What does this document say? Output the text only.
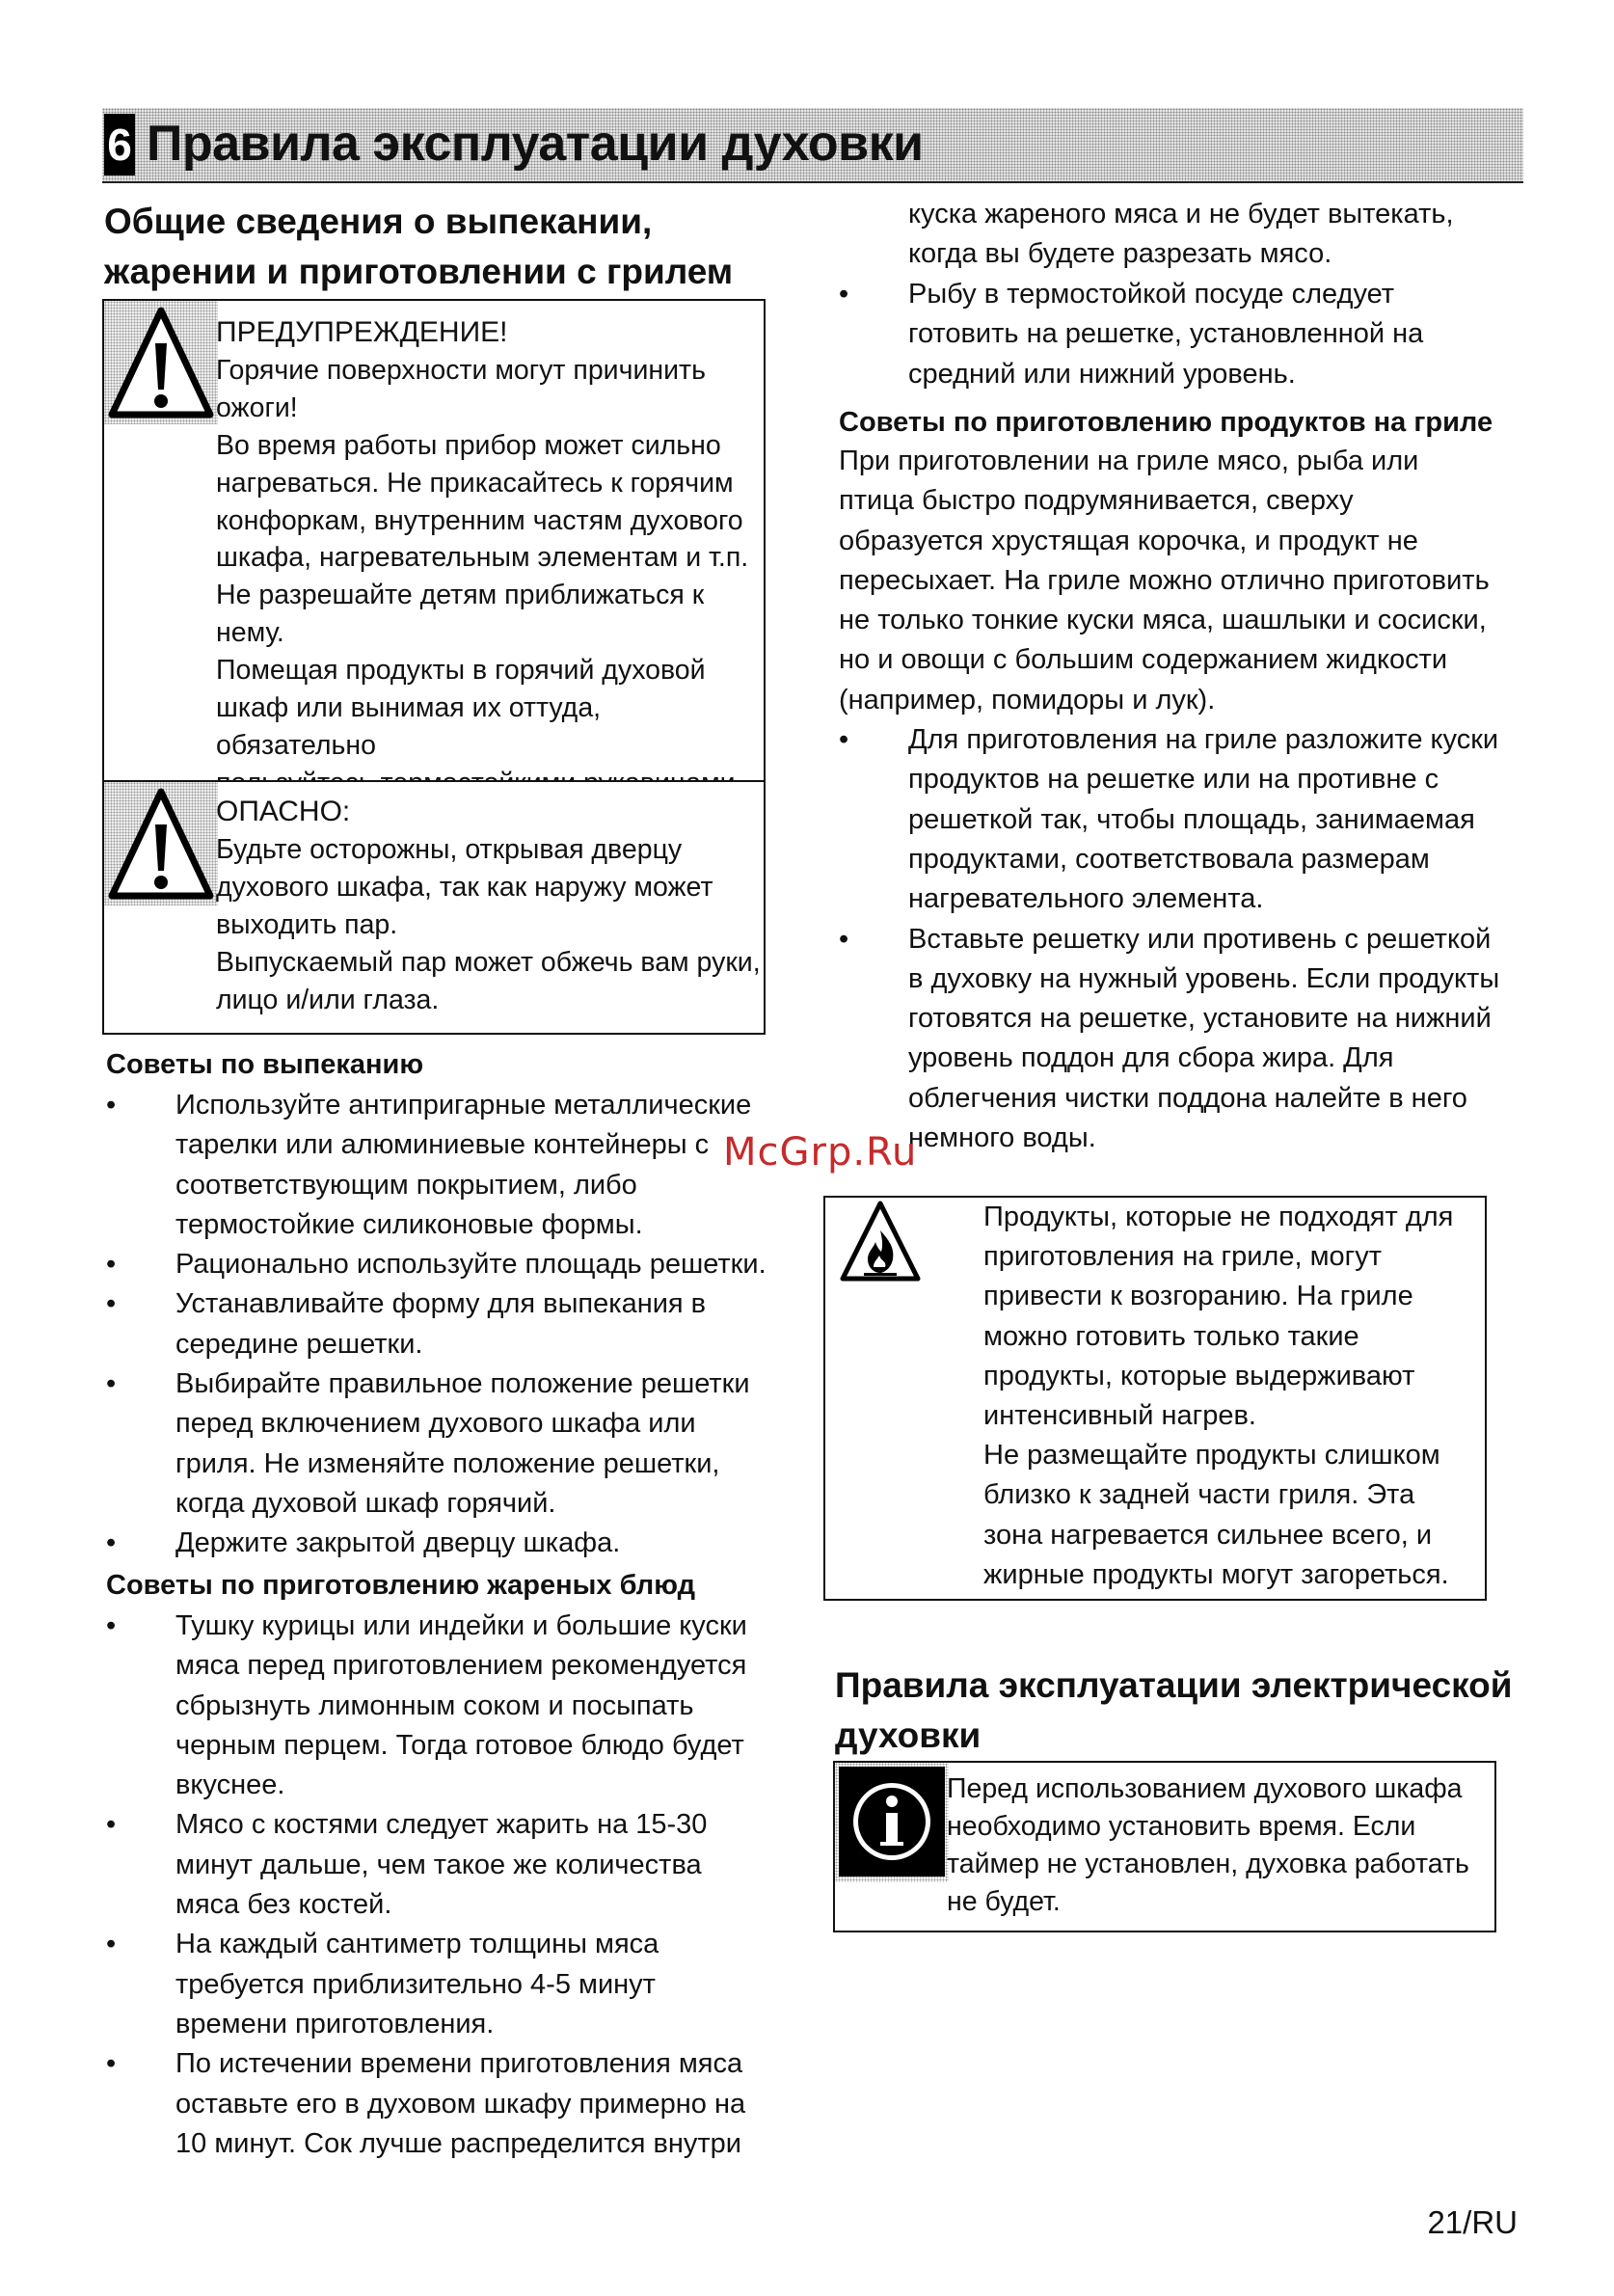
6 Правила эксплуатации духовки
Общие сведения о выпекании,
жарении и приготовлении с грилем
ПРЕДУПРЕЖДЕНИЕ!
Горячие поверхности могут причинить
ожоги!
Во время работы прибор может сильно
нагреваться. Не прикасайтесь к горячим
конфоркам, внутренним частям духового
шкафа, нагревательным элементам и т.п.
Не разрешайте детям приближаться к
нему.
Помещая продукты в горячий духовой
шкаф или вынимая их оттуда, обязательно
ОПАСНО:
Будьте осторожны, открывая дверцу
духового шкафа, так как наружу может
выходить пар.
Выпускаемый пар может обжечь вам руки,
лицо и/или глаза.
Советы по выпеканию
• Используйте антипригарные металлические
тарелки или алюминиевые контейнеры с
соответствующим покрытием, либо
термостойкие силиконовые формы.
• Рационально используйте площадь решетки.
• Устанавливайте форму для выпекания в
середине решетки.
• Выбирайте правильное положение решетки
перед включением духового шкафа или
гриля. Не изменяйте положение решетки,
когда духовой шкаф горячий.
• Держите закрытой дверцу шкафа.
Советы по приготовлению жареных блюд
• Тушку курицы или индейки и большие куски
мяса перед приготовлением рекомендуется
сбрызнуть лимонным соком и посыпать
черным перцем. Тогда готовое блюдо будет
вкуснее.
• Мясо с костями следует жарить на 15-30
минут дальше, чем такое же количества
мяса без костей.
• На каждый сантиметр толщины мяса
требуется приблизительно 4-5 минут
времени приготовления.
• По истечении времени приготовления мяса
оставьте его в духовом шкафу примерно на
10 минут. Сок лучше распределится внутри
куска жареного мяса и не будет вытекать,
когда вы будете разрезать мясо.
• Рыбу в термостойкой посуде следует
готовить на решетке, установленной на
средний или нижний уровень.
Советы по приготовлению продуктов на гриле
При приготовлении на гриле мясо, рыба или
птица быстро подрумянивается, сверху
образуется хрустящая корочка, и продукт не
пересыхает. На гриле можно отлично приготовить
не только тонкие куски мяса, шашлыки и сосиски,
но и овощи с большим содержанием жидкости
(например, помидоры и лук).
• Для приготовления на гриле разложите куски
продуктов на решетке или на противне с
решеткой так, чтобы площадь, занимаемая
продуктами, соответствовала размерам
нагревательного элемента.
• Вставьте решетку или противень с решеткой
в духовку на нужный уровень. Если продукты
готовятся на решетке, установите на нижний
уровень поддон для сбора жира. Для
облегчения чистки поддона налейте в него
немного воды.
Продукты, которые не подходят для
приготовления на гриле, могут
привести к возгоранию. На гриле
можно готовить только такие
продукты, которые выдерживают
интенсивный нагрев.
Не размещайте продукты слишком
близко к задней части гриля. Эта
зона нагревается сильнее всего, и
жирные продукты могут загореться.
Правила эксплуатации электрической
духовки
Перед использованием духового шкафа
необходимо установить время. Если
таймер не установлен, духовка работать
не будет.
McGrp.Ru
21/RU
